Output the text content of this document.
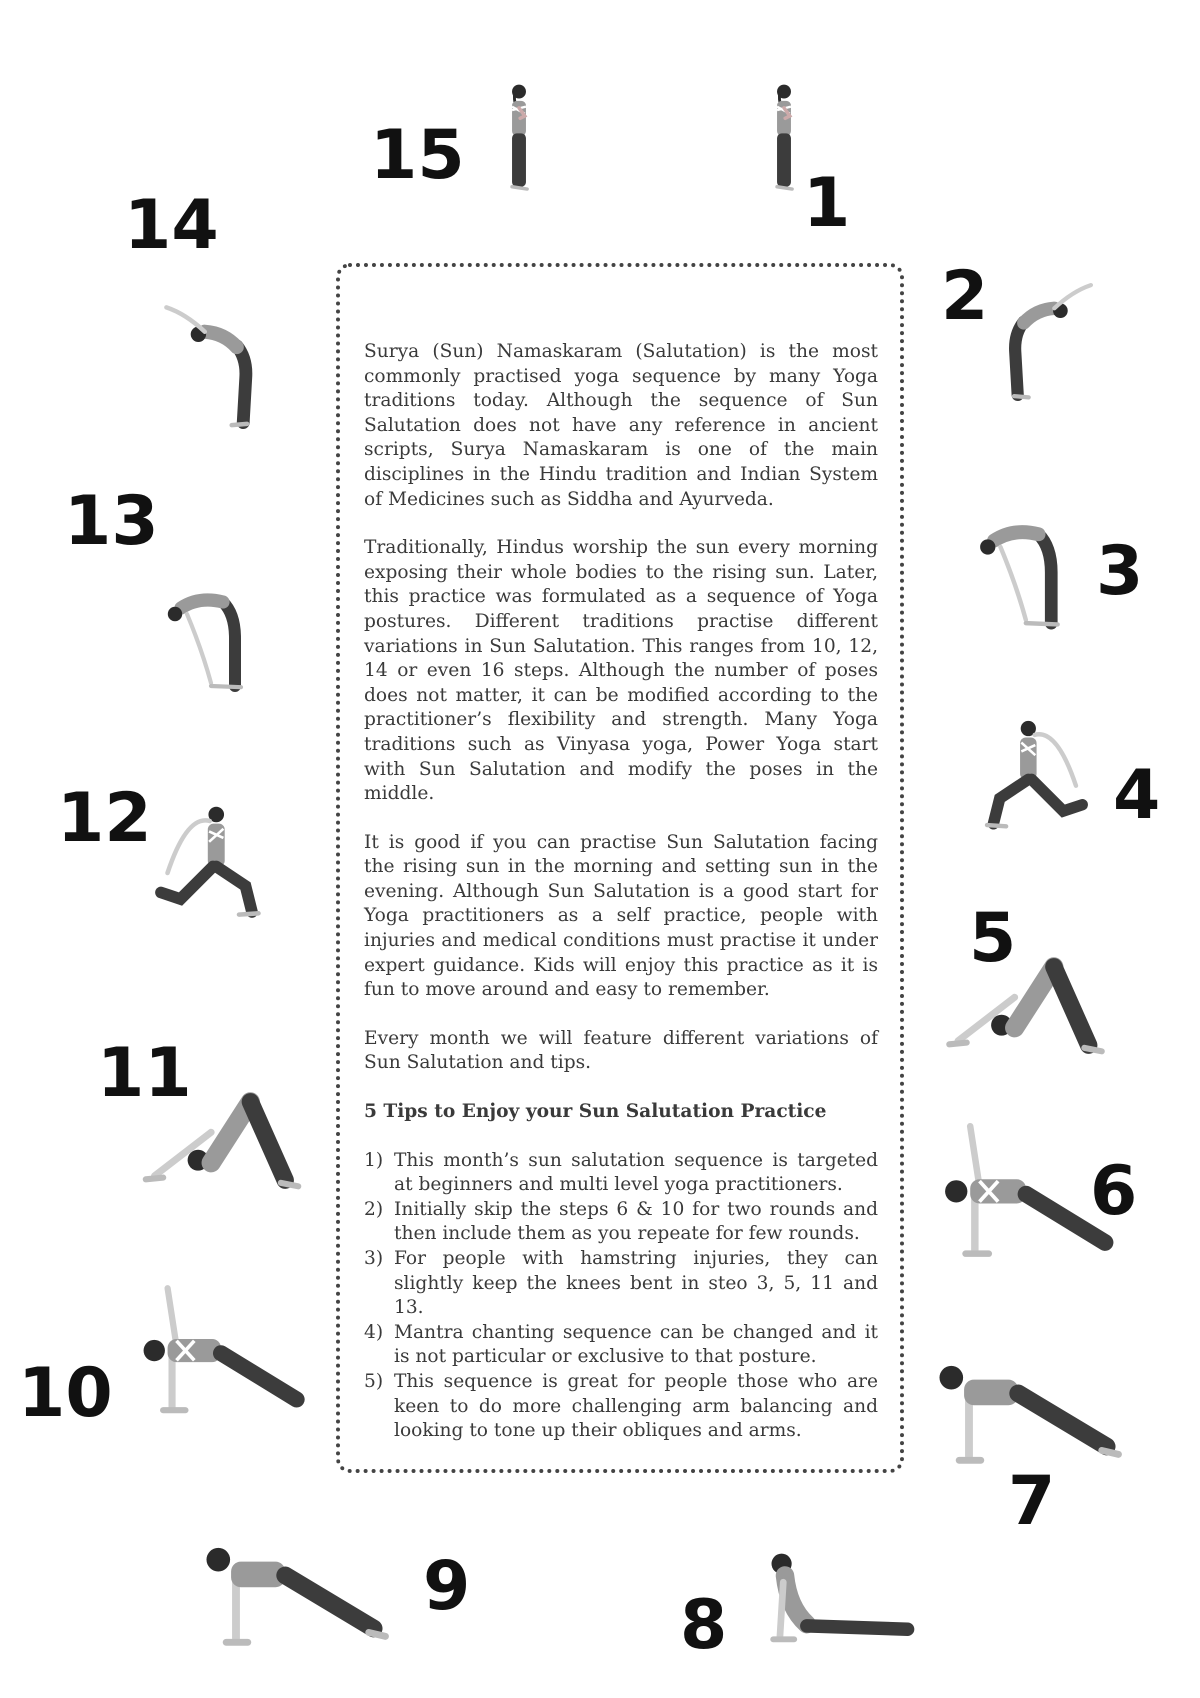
15
1
14
2
13
3
12	4
5
11
6
10
7
9	8

Surya (Sun) Namaskaram (Salutation) is the most commonly practised yoga sequence by many Yoga traditions today. Although the sequence of Sun Salutation does not have any reference in ancient scripts, Surya Namaskaram is one of the main disciplines in the Hindu tradition and Indian System of Medicines such as Siddha and Ayurveda.

Traditionally, Hindus worship the sun every morning exposing their whole bodies to the rising sun. Later, this practice was formulated as a sequence of Yoga postures. Different traditions practise different variations in Sun Salutation. This ranges from 10, 12, 14 or even 16 steps. Although the number of poses does not matter, it can be modified according to the practitioner’s flexibility and strength. Many Yoga traditions such as Vinyasa yoga, Power Yoga start with Sun Salutation and modify the poses in the middle.

It is good if you can practise Sun Salutation facing the rising sun in the morning and setting sun in the evening. Although Sun Salutation is a good start for Yoga practitioners as a self practice, people with injuries and medical conditions must practise it under expert guidance. Kids will enjoy this practice as it is fun to move around and easy to remember.

Every month we will feature different variations of Sun Salutation and tips.

5 Tips to Enjoy your Sun Salutation Practice
1) This month’s sun salutation sequence is targeted at beginners and multi level yoga practitioners.
2) Initially skip the steps 6 & 10 for two rounds and then include them as you repeate for few rounds.
3) For people with hamstring injuries, they can slightly keep the knees bent in steo 3, 5, 11 and 13.
4) Mantra chanting sequence can be changed and it is not particular or exclusive to that posture.
5) This sequence is great for people those who are keen to do more challenging arm balancing and looking to tone up their obliques and arms.
